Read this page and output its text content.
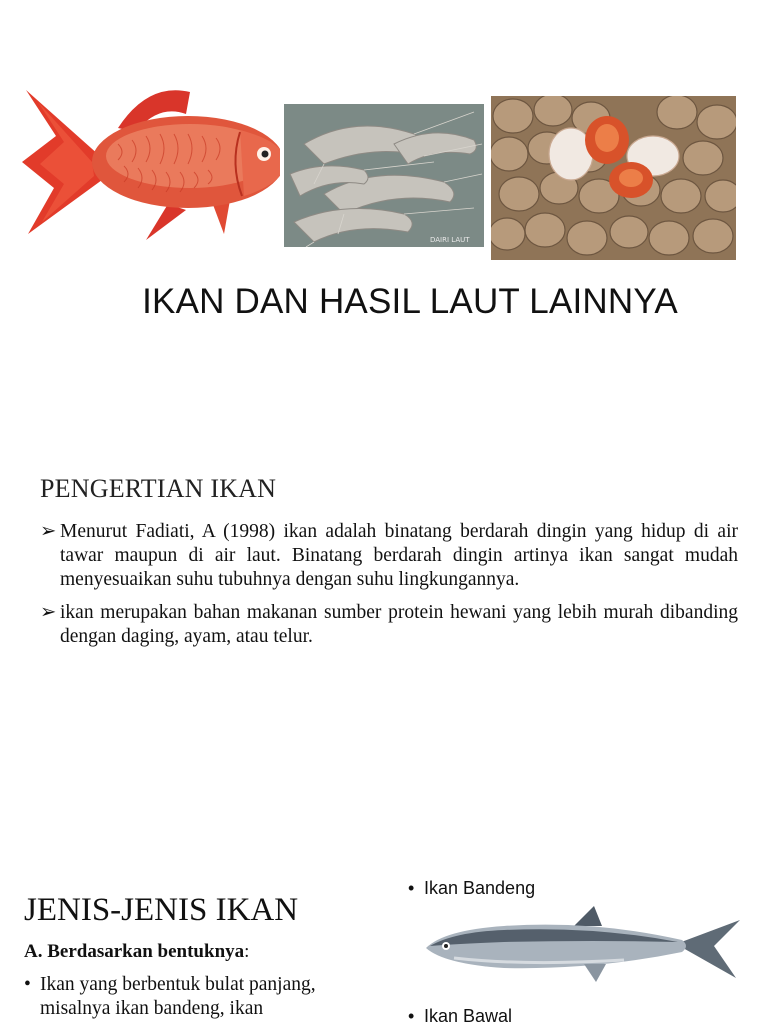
DAIRI LAUT
IKAN DAN HASIL LAUT LAINNYA
PENGERTIAN IKAN
➢ Menurut Fadiati, A (1998) ikan adalah binatang berdarah dingin yang hidup di air tawar maupun di air laut. Binatang berdarah dingin artinya ikan sangat mudah menyesuaikan suhu tubuhnya dengan suhu lingkungannya.
➢ ikan merupakan bahan makanan sumber protein hewani yang lebih murah dibanding dengan daging, ayam, atau telur.
JENIS-JENIS IKAN
A. Berdasarkan bentuknya:
• Ikan yang berbentuk bulat panjang, misalnya ikan bandeng, ikan
• Ikan Bandeng
• Ikan Bawal
